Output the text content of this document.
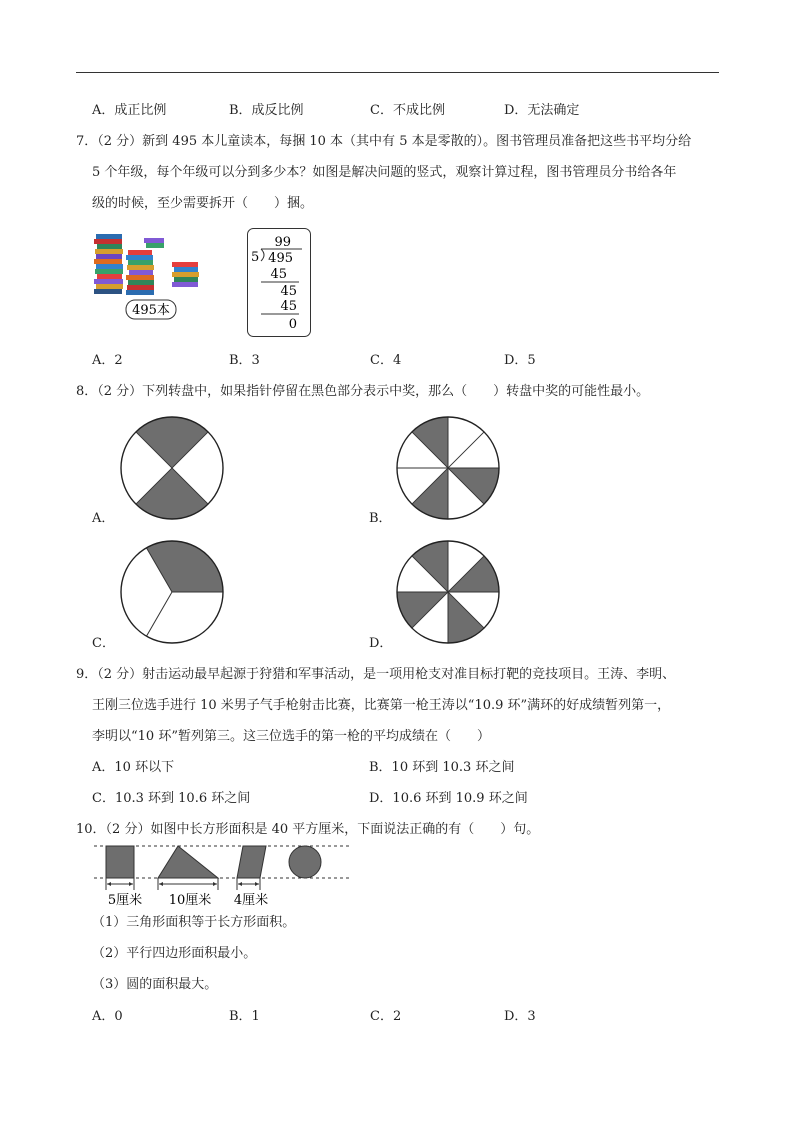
A．成正比例	B．成反比例	C．不成比例	D．无法确定
7．（2 分）新到 495 本儿童读本，每捆 10 本（其中有 5 本是零散的）。图书管理员准备把这些书平均分给
5 个年级，每个年级可以分到多少本？如图是解决问题的竖式，观察计算过程，图书管理员分书给各年
级的时候，至少需要拆开（　　）捆。
495本
99
5 495
45
45
45
0
A．2	B．3	C．4	D．5
8．（2 分）下列转盘中，如果指针停留在黑色部分表示中奖，那么（　　）转盘中奖的可能性最小。
A．	B．
C．	D．
9．（2 分）射击运动最早起源于狩猎和军事活动，是一项用枪支对准目标打靶的竞技项目。王涛、李明、
王刚三位选手进行 10 米男子气手枪射击比赛，比赛第一枪王涛以“10.9 环”满环的好成绩暂列第一，
李明以“10 环”暂列第三。这三位选手的第一枪的平均成绩在（　　）
A．10 环以下	B．10 环到 10.3 环之间
C．10.3 环到 10.6 环之间	D．10.6 环到 10.9 环之间
10．（2 分）如图中长方形面积是 40 平方厘米，下面说法正确的有（　　）句。
5厘米 10厘米 4厘米
（1）三角形面积等于长方形面积。
（2）平行四边形面积最小。
（3）圆的面积最大。
A．0	B．1	C．2	D．3
